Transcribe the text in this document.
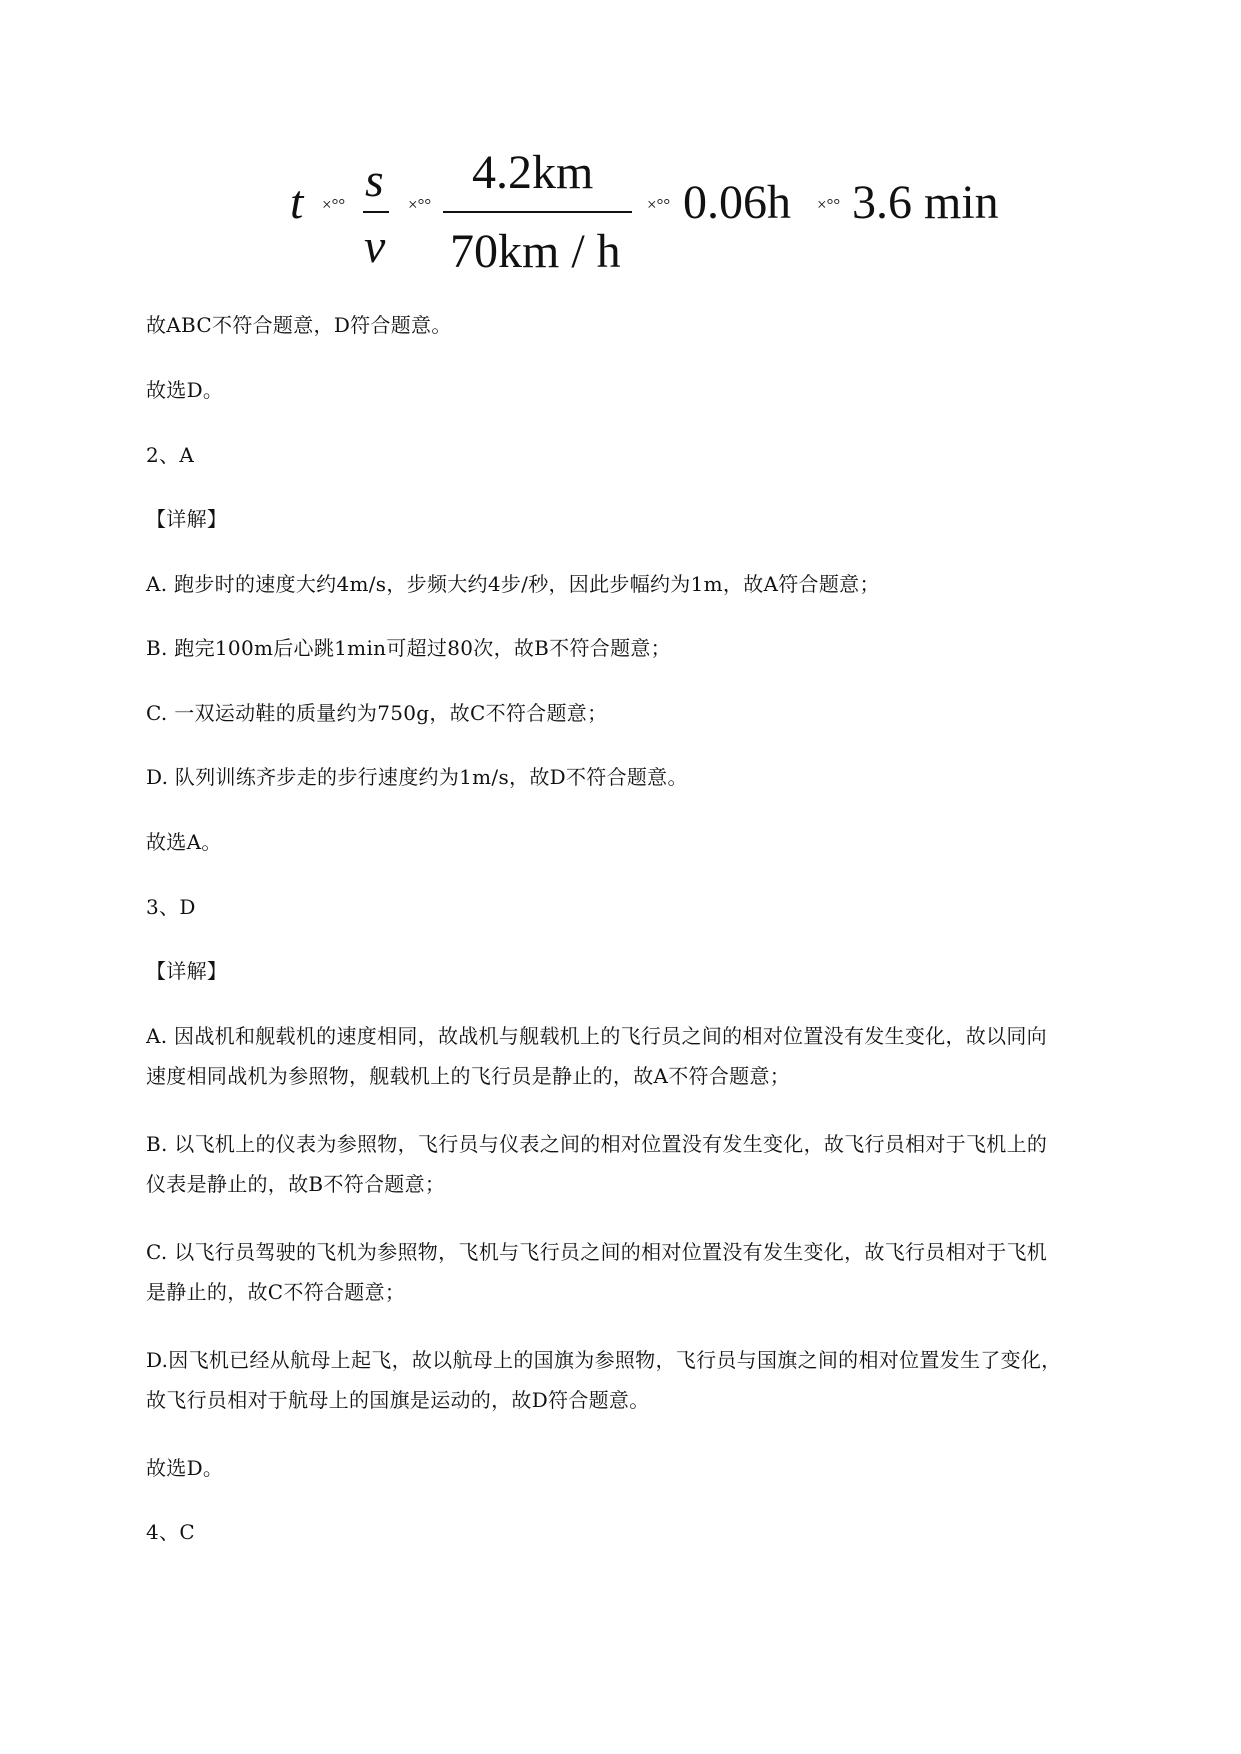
t ×°° s
v
×°°
4.2km
70km / h
×°° 0.06h ×°° 3.6 min
故ABC不符合题意，D符合题意。
故选D。
2、A
【详解】
A. 跑步时的速度大约4m/s，步频大约4步/秒，因此步幅约为1m，故A符合题意；
B. 跑完100m后心跳1min可超过80次，故B不符合题意；
C. 一双运动鞋的质量约为750g，故C不符合题意；
D. 队列训练齐步走的步行速度约为1m/s，故D不符合题意。
故选A。
3、D
【详解】
A. 因战机和舰载机的速度相同，故战机与舰载机上的飞行员之间的相对位置没有发生变化，故以同向
速度相同战机为参照物，舰载机上的飞行员是静止的，故A不符合题意；
B. 以飞机上的仪表为参照物，飞行员与仪表之间的相对位置没有发生变化，故飞行员相对于飞机上的
仪表是静止的，故B不符合题意；
C. 以飞行员驾驶的飞机为参照物，飞机与飞行员之间的相对位置没有发生变化，故飞行员相对于飞机
是静止的，故C不符合题意；
D.因飞机已经从航母上起飞，故以航母上的国旗为参照物，飞行员与国旗之间的相对位置发生了变化，
故飞行员相对于航母上的国旗是运动的，故D符合题意。
故选D。
4、C
